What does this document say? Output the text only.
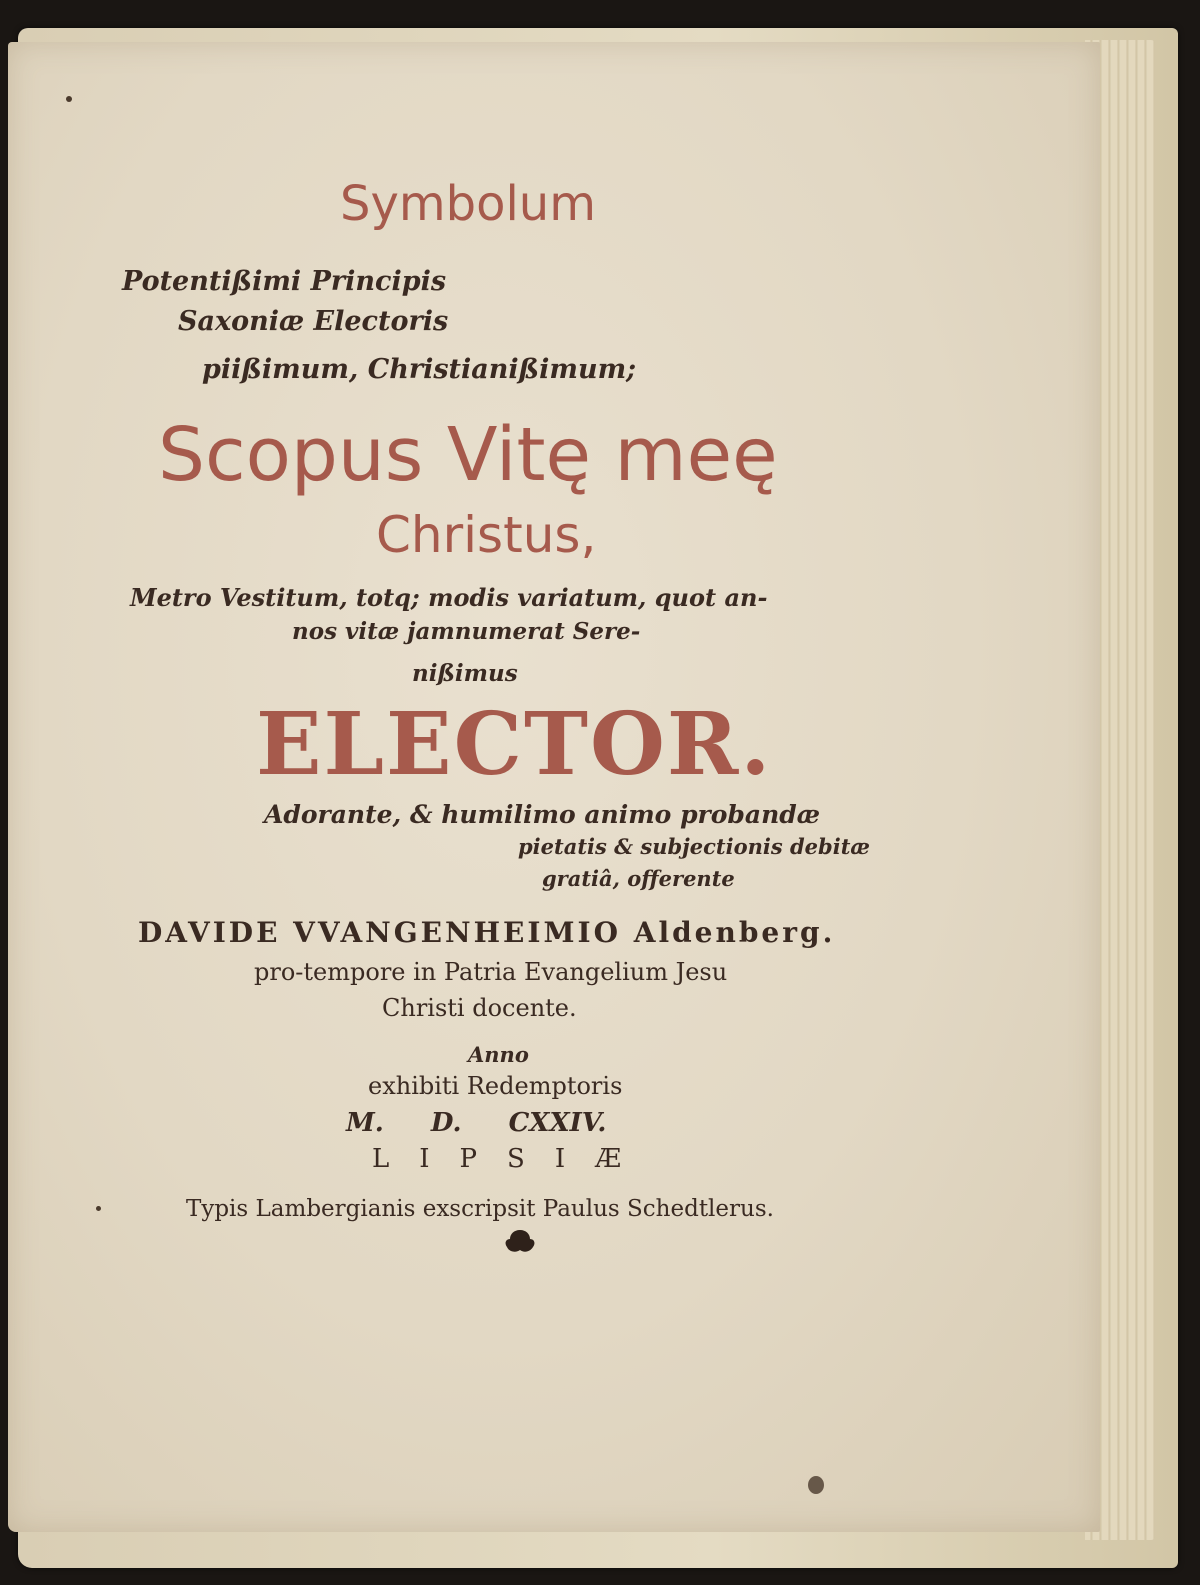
Symbolum
Potentißimi Principis
Saxoniæ Electoris
piißimum, Christianißimum;
Scopus Vitę meę
Christus,
Metro Vestitum, totq; modis variatum, quot an-
nos vitæ jamnumerat Sere-
nißimus
ELECTOR.
Adorante, & humilimo animo probandæ
pietatis & subjectionis debitæ
gratiâ, offerente
DAVIDE VVANGENHEIMIO Aldenberg.
pro-tempore in Patria Evangelium Jesu
Christi docente.
Anno
exhibiti Redemptoris
M. D. CXXIV.
LIPSIÆ
Typis Lambergianis exscripsit Paulus Schedtlerus.
